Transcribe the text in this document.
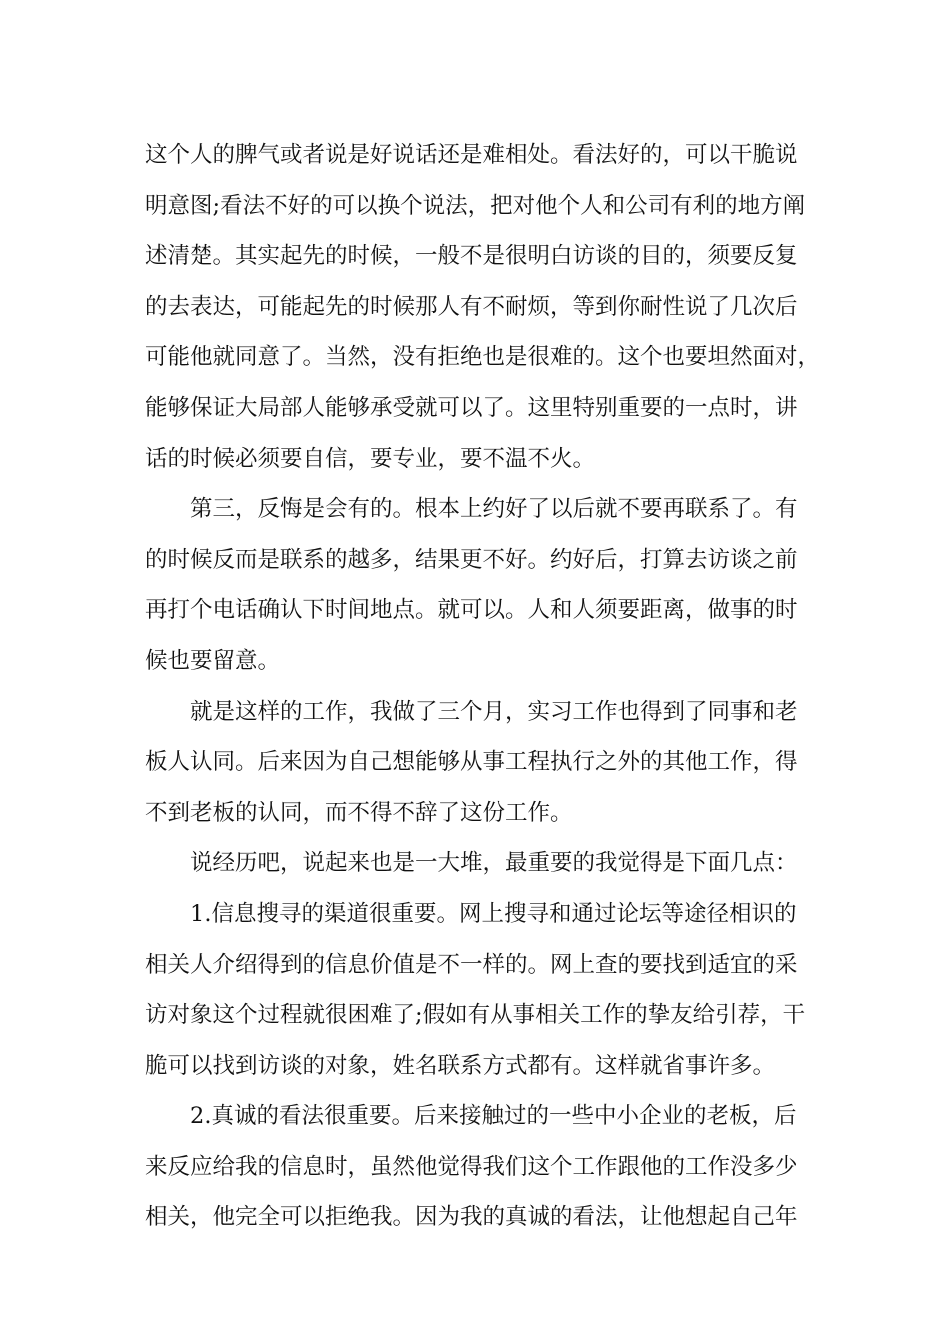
这个人的脾气或者说是好说话还是难相处。看法好的，可以干脆说
明意图;看法不好的可以换个说法，把对他个人和公司有利的地方阐
述清楚。其实起先的时候，一般不是很明白访谈的目的，须要反复
的去表达，可能起先的时候那人有不耐烦，等到你耐性说了几次后
可能他就同意了。当然，没有拒绝也是很难的。这个也要坦然面对，
能够保证大局部人能够承受就可以了。这里特别重要的一点时，讲
话的时候必须要自信，要专业，要不温不火。
第三，反悔是会有的。根本上约好了以后就不要再联系了。有
的时候反而是联系的越多，结果更不好。约好后，打算去访谈之前
再打个电话确认下时间地点。就可以。人和人须要距离，做事的时
候也要留意。
就是这样的工作，我做了三个月，实习工作也得到了同事和老
板人认同。后来因为自己想能够从事工程执行之外的其他工作，得
不到老板的认同，而不得不辞了这份工作。
说经历吧，说起来也是一大堆，最重要的我觉得是下面几点：
1.信息搜寻的渠道很重要。网上搜寻和通过论坛等途径相识的
相关人介绍得到的信息价值是不一样的。网上查的要找到适宜的采
访对象这个过程就很困难了;假如有从事相关工作的挚友给引荐，干
脆可以找到访谈的对象，姓名联系方式都有。这样就省事许多。
2.真诚的看法很重要。后来接触过的一些中小企业的老板，后
来反应给我的信息时，虽然他觉得我们这个工作跟他的工作没多少
相关，他完全可以拒绝我。因为我的真诚的看法，让他想起自己年
